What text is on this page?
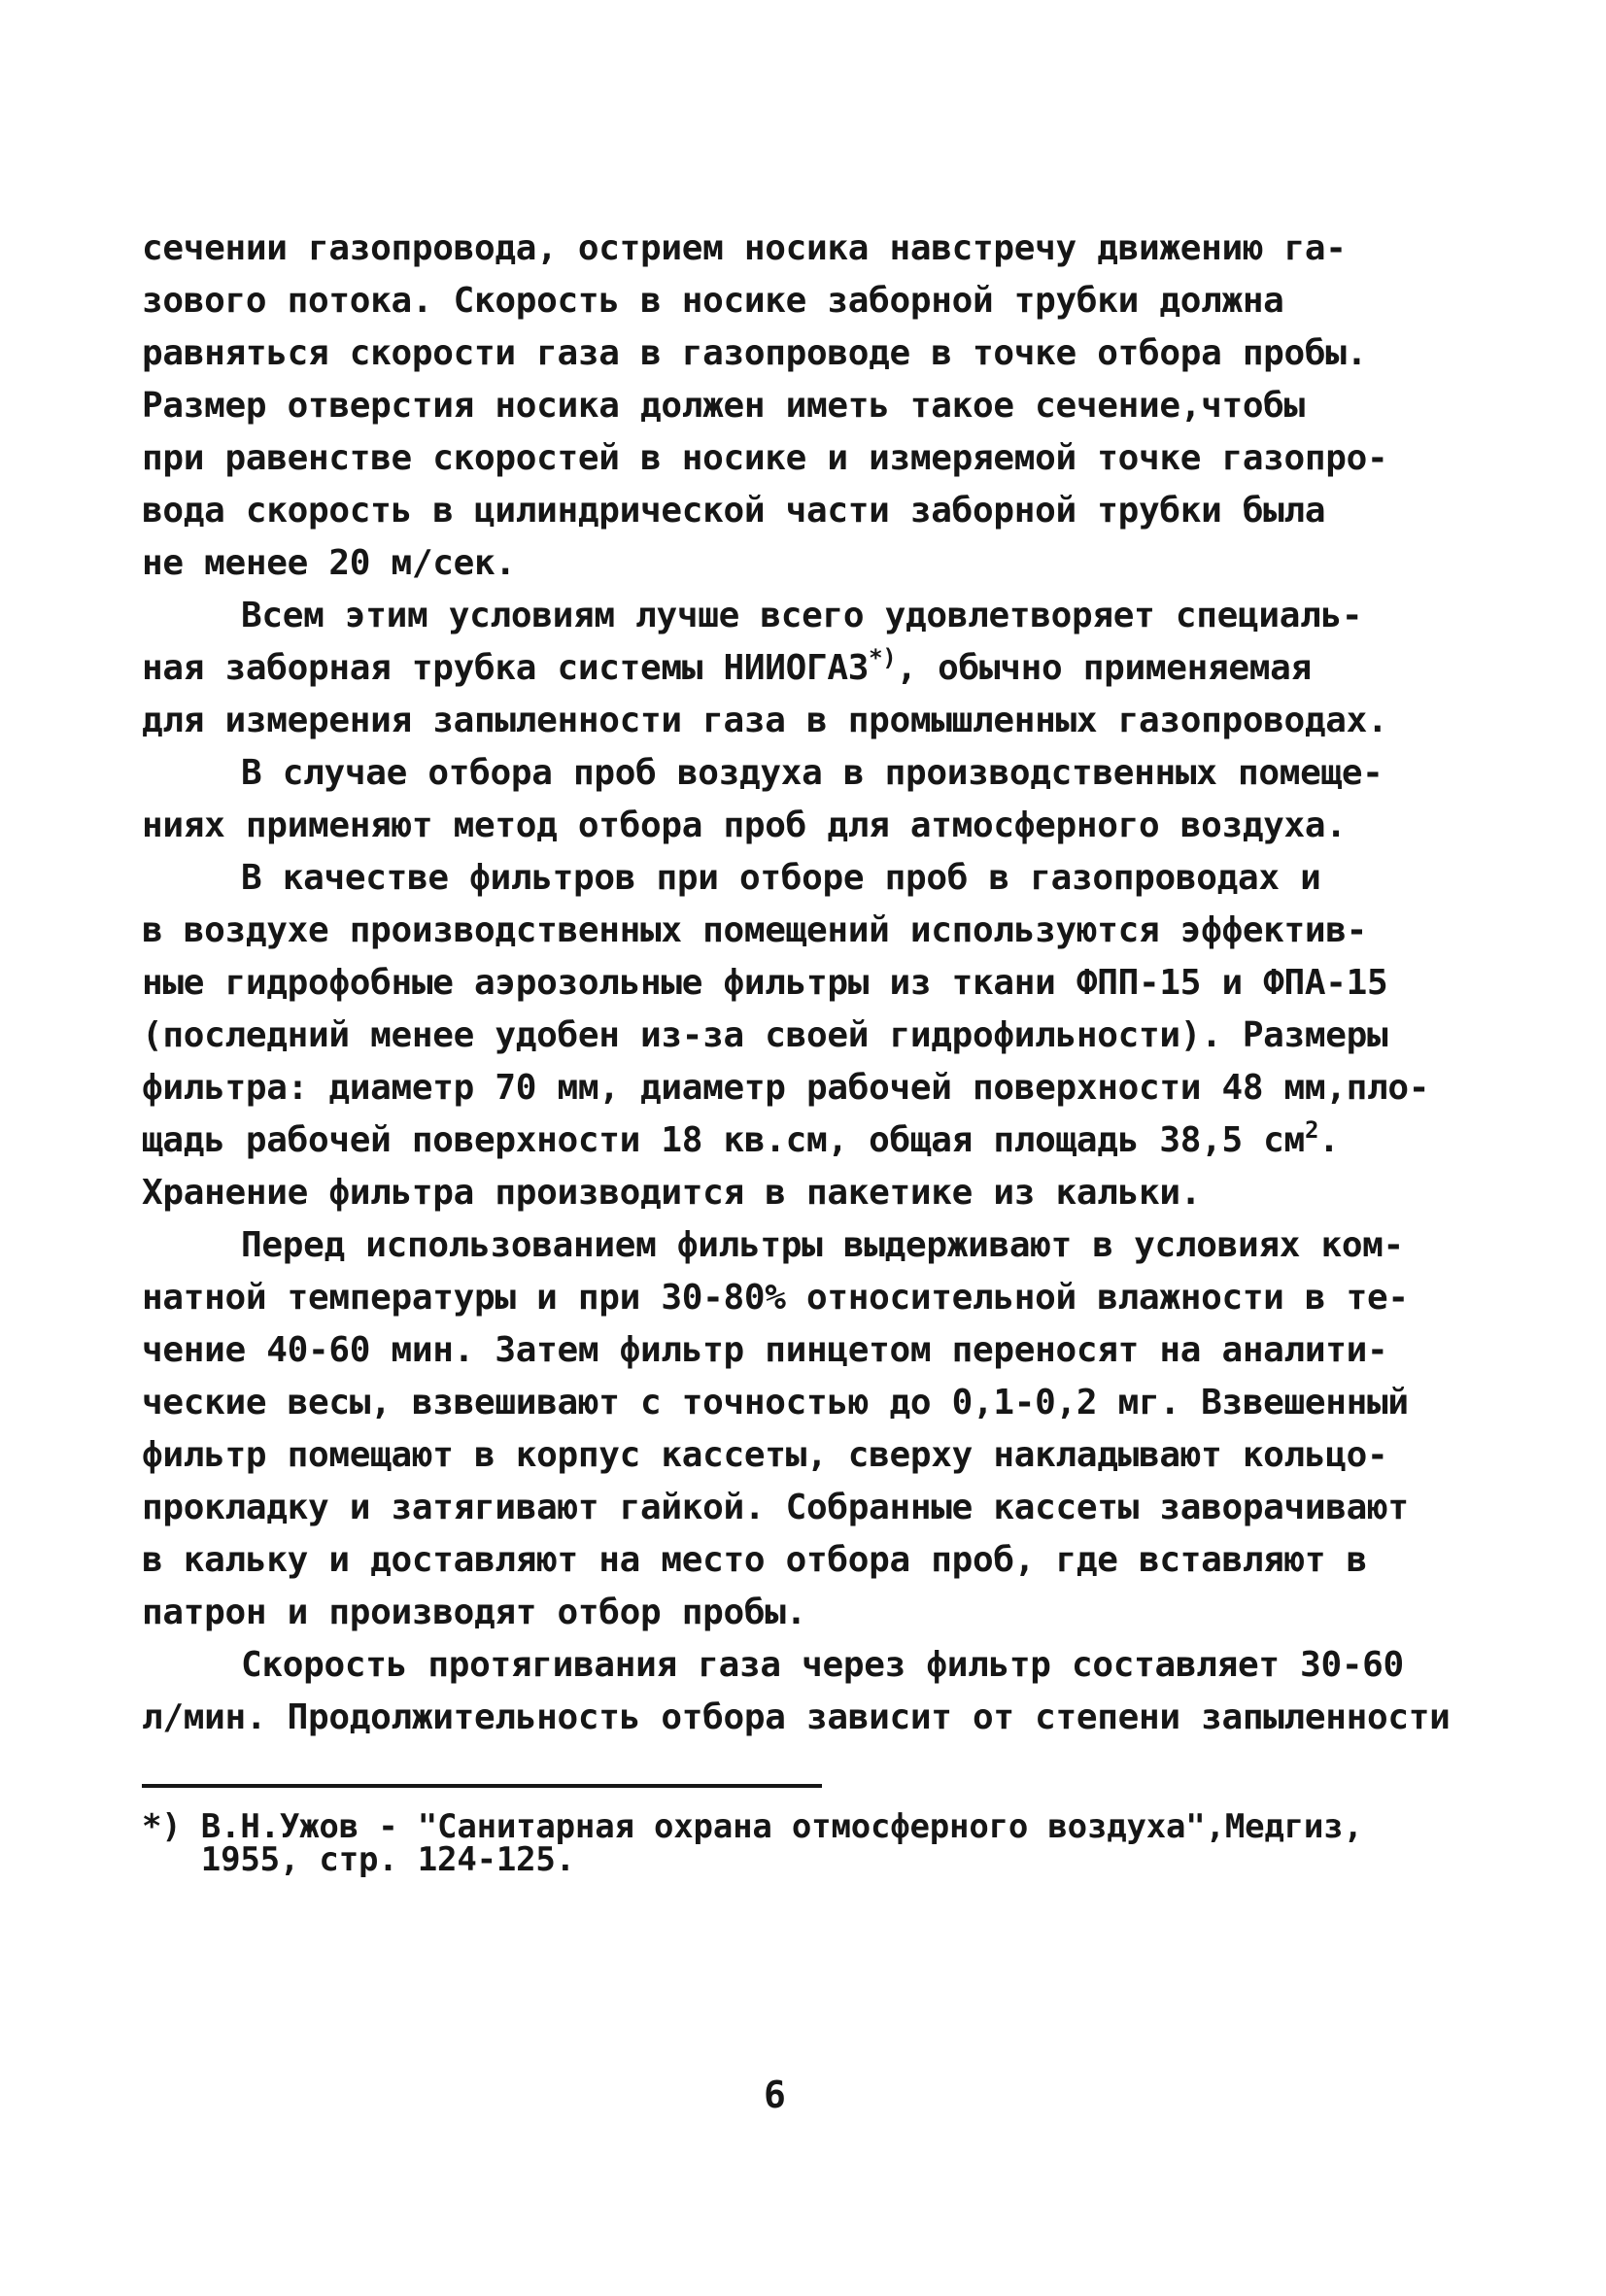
сечении газопровода, острием носика навстречу движению га-
зового потока. Скорость в носике заборной трубки должна
равняться скорости газа в газопроводе в точке отбора пробы.
Размер отверстия носика должен иметь такое сечение,чтобы
при равенстве скоростей в носике и измеряемой точке газопро-
вода скорость в цилиндрической части заборной трубки была
не менее 20 м/сек.
Всем этим условиям лучше всего удовлетворяет специаль-
ная заборная трубка системы НИИОГАЗ*), обычно применяемая
для измерения запыленности газа в промышленных газопроводах.
В случае отбора проб воздуха в производственных помеще-
ниях применяют метод отбора проб для атмосферного воздуха.
В качестве фильтров при отборе проб в газопроводах и
в воздухе производственных помещений используются эффектив-
ные гидрофобные аэрозольные фильтры из ткани ФПП-15 и ФПА-15
(последний менее удобен из-за своей гидрофильности). Размеры
фильтра: диаметр 70 мм, диаметр рабочей поверхности 48 мм,пло-
щадь рабочей поверхности 18 кв.см, общая площадь 38,5 $см^2$.
Хранение фильтра производится в пакетике из кальки.
Перед использованием фильтры выдерживают в условиях ком-
натной температуры и при 30-80% относительной влажности в те-
чение 40-60 мин. Затем фильтр пинцетом переносят на аналити-
ческие весы, взвешивают с точностью до 0,1-0,2 мг. Взвешенный
фильтр помещают в корпус кассеты, сверху накладывают кольцо-
прокладку и затягивают гайкой. Собранные кассеты заворачивают
в кальку и доставляют на место отбора проб, где вставляют в
патрон и производят отбор пробы.
Скорость протягивания газа через фильтр составляет 30-60
л/мин. Продолжительность отбора зависит от степени запыленности
*) В.Н.Ужов - "Санитарная охрана отмосферного воздуха",Медгиз,
1955, стр. 124-125.
6
